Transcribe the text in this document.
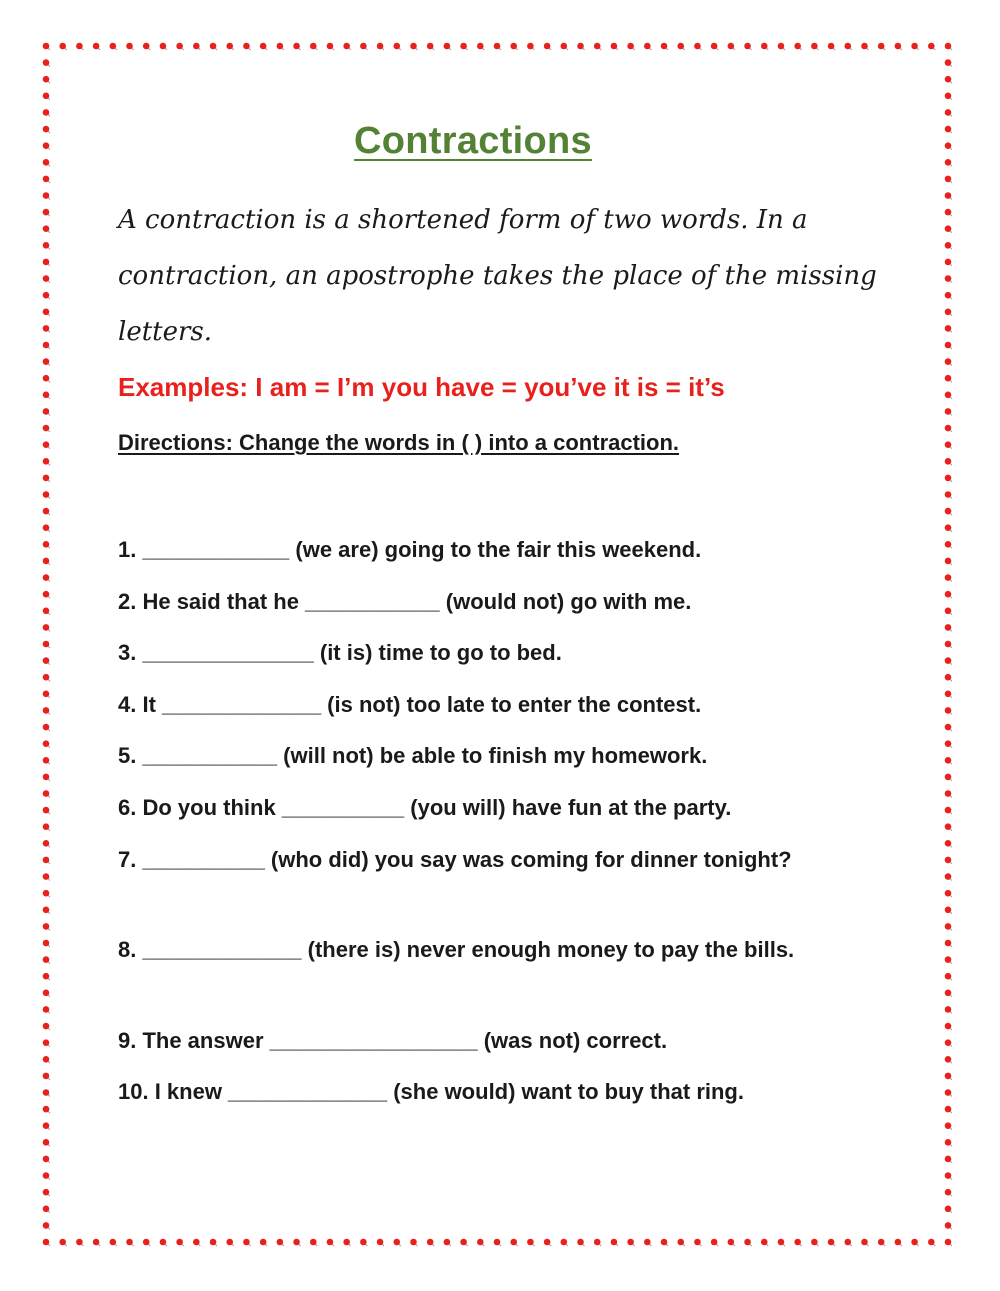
Contractions

A contraction is a shortened form of two words. In a contraction, an apostrophe takes the place of the missing letters.

Examples: I am = I’m you have = you’ve it is = it’s
Directions: Change the words in ( ) into a contraction.

1. ____________ (we are) going to the fair this weekend.

2. He said that he ___________ (would not) go with me.

3. ______________ (it is) time to go to bed.

4. It _____________ (is not) too late to enter the contest.

5. ___________ (will not) be able to finish my homework.

6. Do you think __________ (you will) have fun at the party.

7. __________ (who did) you say was coming for dinner tonight?

8. _____________ (there is) never enough money to pay the bills.

9. The answer _________________ (was not) correct.

10. I knew _____________ (she would) want to buy that ring.
